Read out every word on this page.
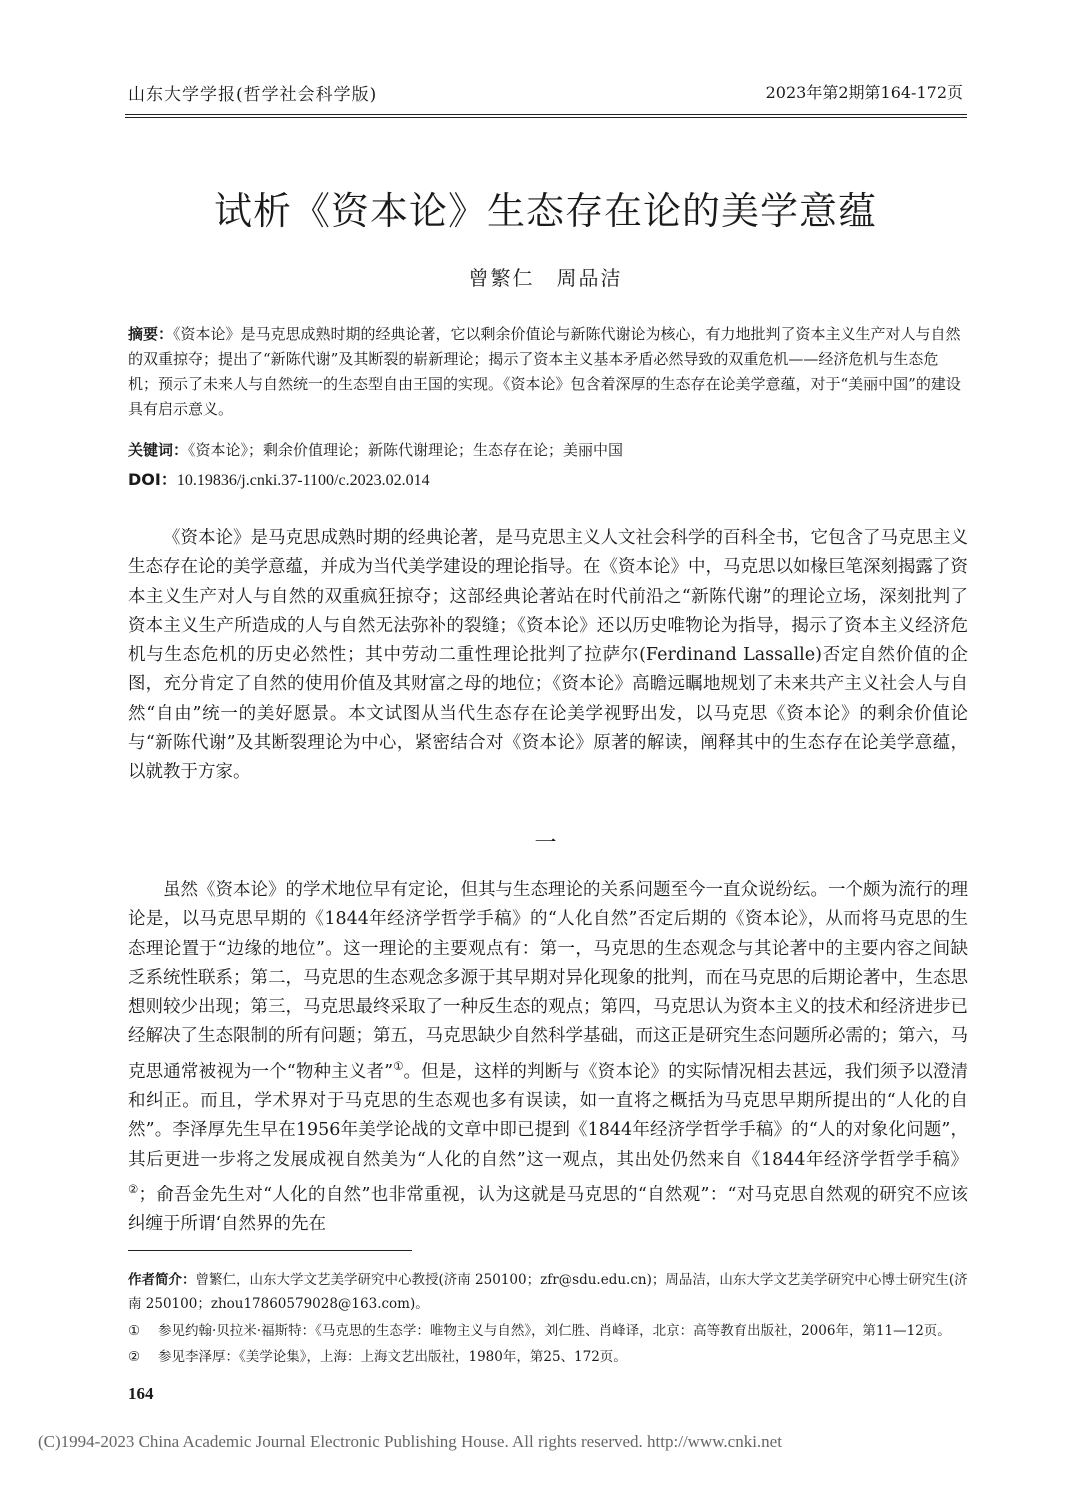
山东大学学报(哲学社会科学版)	2023年第2期第164-172页
试析《资本论》生态存在论的美学意蕴
曾繁仁　周品洁
摘要：《资本论》是马克思成熟时期的经典论著，它以剩余价值论与新陈代谢论为核心，有力地批判了资本主义生产对人与自然的双重掠夺；提出了“新陈代谢”及其断裂的崭新理论；揭示了资本主义基本矛盾必然导致的双重危机——经济危机与生态危机；预示了未来人与自然统一的生态型自由王国的实现。《资本论》包含着深厚的生态存在论美学意蕴，对于“美丽中国”的建设具有启示意义。
关键词：《资本论》；剩余价值理论；新陈代谢理论；生态存在论；美丽中国
DOI：10.19836/j.cnki.37-1100/c.2023.02.014

《资本论》是马克思成熟时期的经典论著，是马克思主义人文社会科学的百科全书，它包含了马克思主义生态存在论的美学意蕴，并成为当代美学建设的理论指导。在《资本论》中，马克思以如椽巨笔深刻揭露了资本主义生产对人与自然的双重疯狂掠夺；这部经典论著站在时代前沿之“新陈代谢”的理论立场，深刻批判了资本主义生产所造成的人与自然无法弥补的裂缝；《资本论》还以历史唯物论为指导，揭示了资本主义经济危机与生态危机的历史必然性；其中劳动二重性理论批判了拉萨尔(Ferdinand Lassalle)否定自然价值的企图，充分肯定了自然的使用价值及其财富之母的地位；《资本论》高瞻远瞩地规划了未来共产主义社会人与自然“自由”统一的美好愿景。本文试图从当代生态存在论美学视野出发，以马克思《资本论》的剩余价值论与“新陈代谢”及其断裂理论为中心，紧密结合对《资本论》原著的解读，阐释其中的生态存在论美学意蕴，以就教于方家。

一

虽然《资本论》的学术地位早有定论，但其与生态理论的关系问题至今一直众说纷纭。一个颇为流行的理论是，以马克思早期的《1844年经济学哲学手稿》的“人化自然”否定后期的《资本论》，从而将马克思的生态理论置于“边缘的地位”。这一理论的主要观点有：第一，马克思的生态观念与其论著中的主要内容之间缺乏系统性联系；第二，马克思的生态观念多源于其早期对异化现象的批判，而在马克思的后期论著中，生态思想则较少出现；第三，马克思最终采取了一种反生态的观点；第四，马克思认为资本主义的技术和经济进步已经解决了生态限制的所有问题；第五，马克思缺少自然科学基础，而这正是研究生态问题所必需的；第六，马克思通常被视为一个“物种主义者”①。但是，这样的判断与《资本论》的实际情况相去甚远，我们须予以澄清和纠正。而且，学术界对于马克思的生态观也多有误读，如一直将之概括为马克思早期所提出的“人化的自然”。李泽厚先生早在1956年美学论战的文章中即已提到《1844年经济学哲学手稿》的“人的对象化问题”，其后更进一步将之发展成视自然美为“人化的自然”这一观点，其出处仍然来自《1844年经济学哲学手稿》②；俞吾金先生对“人化的自然”也非常重视，认为这就是马克思的“自然观”：“对马克思自然观的研究不应该纠缠于所谓‘自然界的先在

作者简介：曾繁仁，山东大学文艺美学研究中心教授(济南 250100；zfr@sdu.edu.cn)；周品洁，山东大学文艺美学研究中心博士研究生(济南 250100；zhou17860579028@163.com)。
① 参见约翰·贝拉米·福斯特：《马克思的生态学：唯物主义与自然》，刘仁胜、肖峰译，北京：高等教育出版社，2006年，第11—12页。
② 参见李泽厚：《美学论集》，上海：上海文艺出版社，1980年，第25、172页。
164
(C)1994-2023 China Academic Journal Electronic Publishing House. All rights reserved. http://www.cnki.net
